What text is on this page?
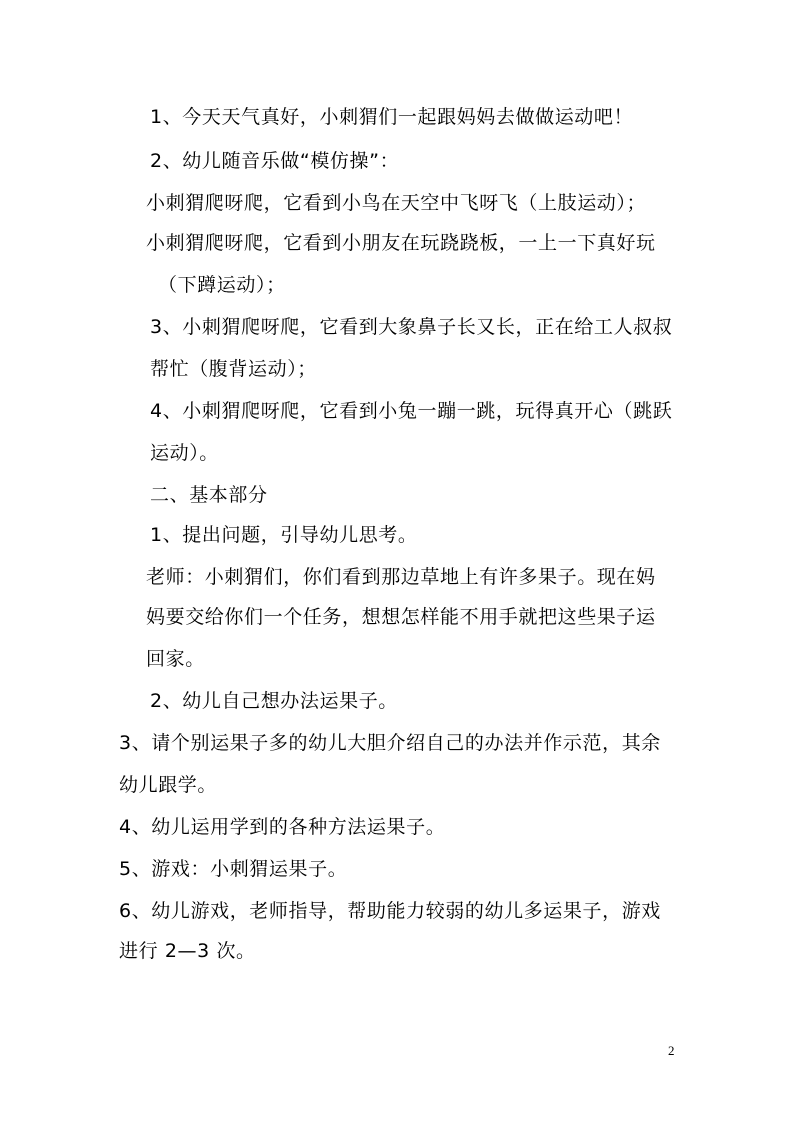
1、今天天气真好，小刺猬们一起跟妈妈去做做运动吧！
2、幼儿随音乐做“模仿操”：
小刺猬爬呀爬，它看到小鸟在天空中飞呀飞（上肢运动）；
小刺猬爬呀爬，它看到小朋友在玩跷跷板，一上一下真好玩
（下蹲运动）；
3、小刺猬爬呀爬，它看到大象鼻子长又长，正在给工人叔叔
帮忙（腹背运动）；
4、小刺猬爬呀爬，它看到小兔一蹦一跳，玩得真开心（跳跃
运动）。
二、基本部分
1、提出问题，引导幼儿思考。
老师：小刺猬们，你们看到那边草地上有许多果子。现在妈
妈要交给你们一个任务，想想怎样能不用手就把这些果子运
回家。
2、幼儿自己想办法运果子。
3、请个别运果子多的幼儿大胆介绍自己的办法并作示范，其余
幼儿跟学。
4、幼儿运用学到的各种方法运果子。
5、游戏：小刺猬运果子。
6、幼儿游戏，老师指导，帮助能力较弱的幼儿多运果子，游戏
进行 2—3 次。
2
